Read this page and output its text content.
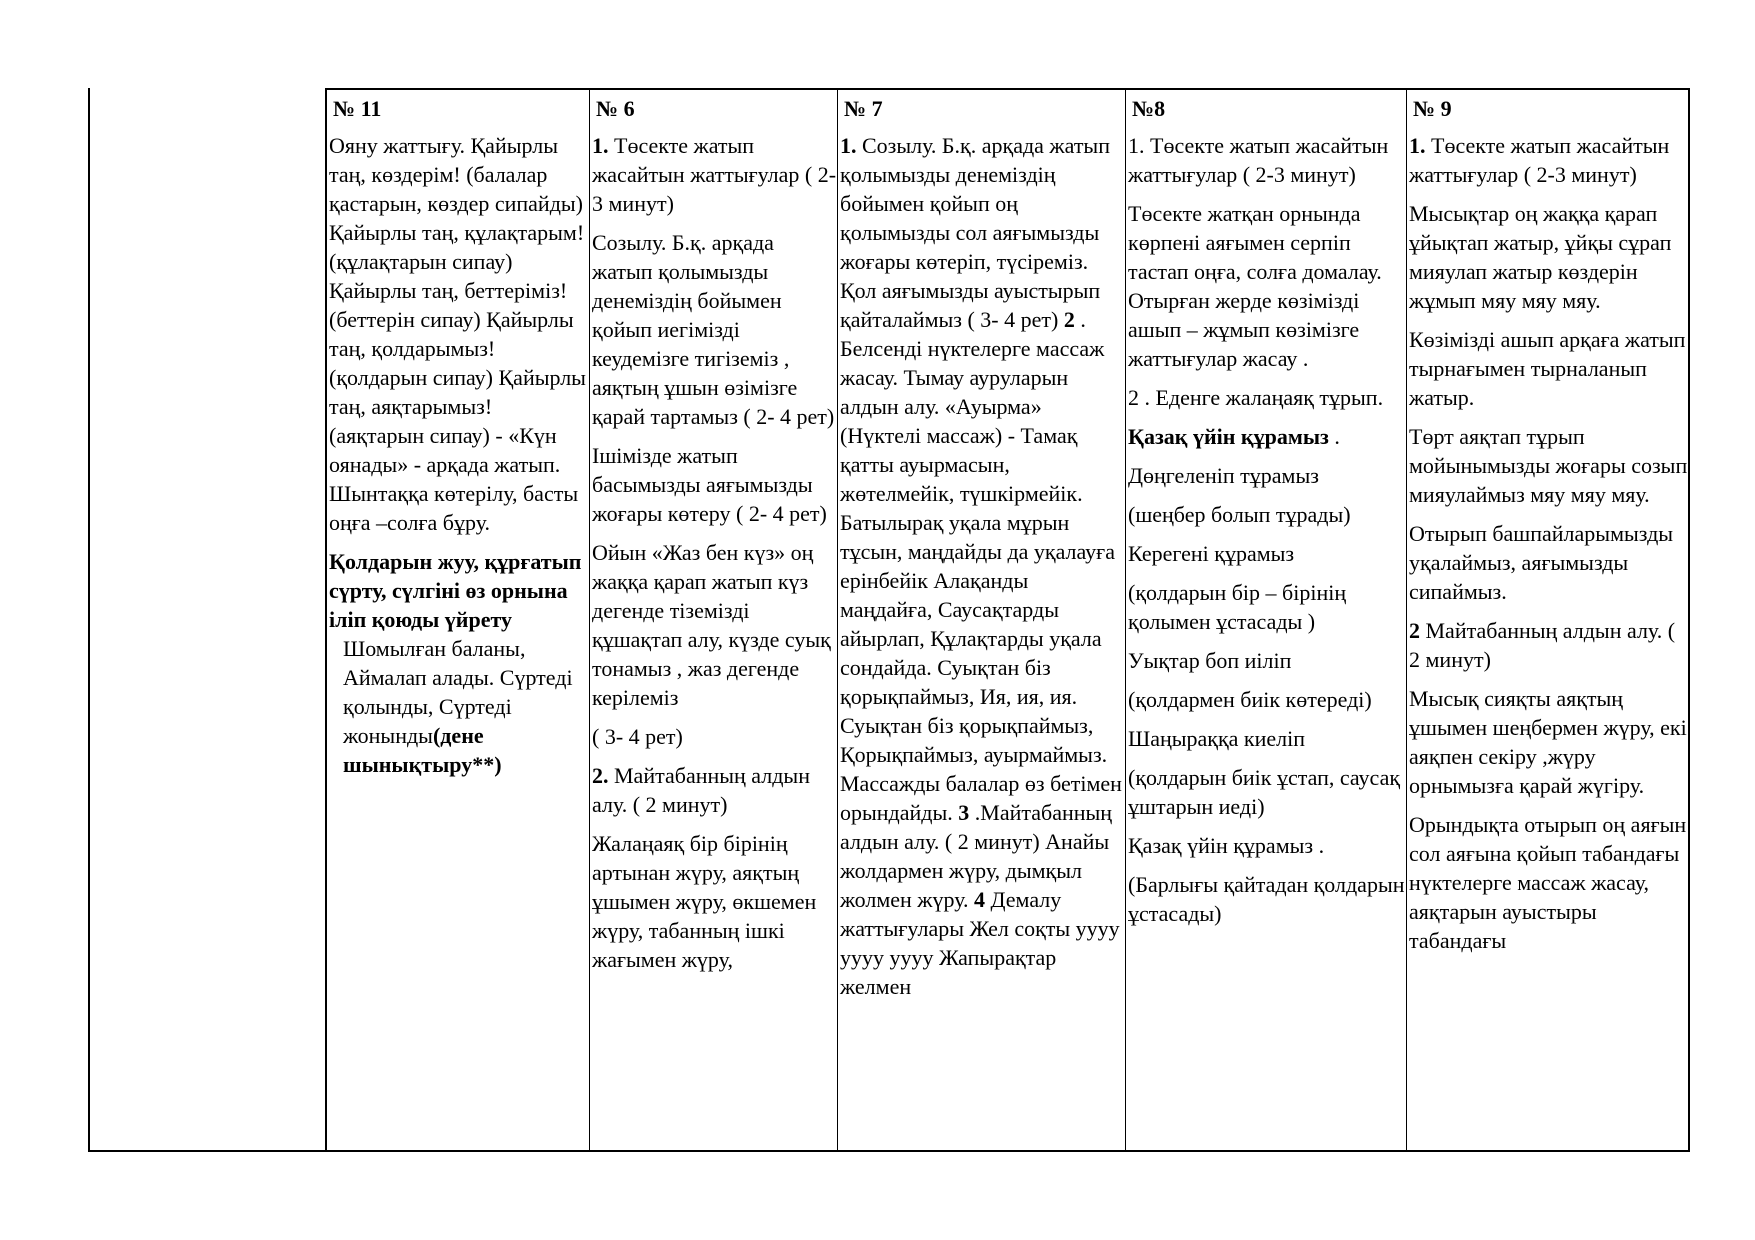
№ 11

Ояну жаттығу. Қайырлы таң, көздерім! (балалар қастарын, көздер сипайды) Қайырлы таң, құлақтарым! (құлақтарын сипау) Қайырлы таң, беттеріміз! (беттерін сипау) Қайырлы таң, қолдарымыз! (қолдарын сипау) Қайырлы таң, аяқтарымыз! (аяқтарын сипау) - «Күн оянады» - арқада жатып. Шынтаққа көтерілу, басты оңға –солға бұру.

Қолдарын жуу, құрғатып сүрту, сүлгіні өз орнына іліп қоюды үйрету

Шомылған баланы, Аймалап алады. Сүртеді қолынды, Сүртеді жонынды(дене шынықтыру**)

№ 6

1. Төсекте жатып жасайтын жаттығулар ( 2-3 минут)

Созылу. Б.қ. арқада жатып қолымызды денеміздің бойымен қойып иегімізді кеудемізге тигіземіз , аяқтың ұшын өзімізге қарай тартамыз ( 2- 4 рет)

Ішімізде жатып басымызды аяғымызды жоғары көтеру ( 2- 4 рет)

Ойын «Жаз бен күз» оң жаққа қарап жатып күз дегенде тіземізді құшақтап алу, күзде суық тонамыз , жаз дегенде керілеміз

( 3- 4 рет)

2. Майтабанның алдын алу. ( 2 минут)

Жалаңаяқ бір бірінің артынан жүру, аяқтың ұшымен жүру, өкшемен жүру, табанның ішкі жағымен жүру,

№ 7

1. Созылу. Б.қ. арқада жатып қолымызды денеміздің бойымен қойып оң қолымызды сол аяғымызды жоғары көтеріп, түсіреміз. Қол аяғымызды ауыстырып қайталаймыз ( 3- 4 рет) 2 . Белсенді нүктелерге массаж жасау. Тымау ауруларын алдын алу. «Ауырма» (Нүктелі массаж) - Тамақ қатты ауырмасын, жөтелмейік, түшкірмейік. Батылырақ уқала мұрын тұсын, маңдайды да уқалауға ерінбейік Алақанды маңдайға, Саусақтарды айырлап, Құлақтарды уқала сондайда. Суықтан біз қорықпаймыз, Ия, ия, ия. Суықтан біз қорықпаймыз, Қорықпаймыз, ауырмаймыз. Массажды балалар өз бетімен орындайды. 3 .Майтабанның алдын алу. ( 2 минут) Анайы жолдармен жүру, дымқыл жолмен жүру. 4 Демалу жаттығулары Жел соқты уууу уууу уууу Жапырақтар желмен

№8

1. Төсекте жатып жасайтын жаттығулар ( 2-3 минут)

Төсекте жатқан орнында көрпені аяғымен серпіп тастап оңға, солға домалау. Отырған жерде көзімізді ашып – жұмып көзімізге жаттығулар жасау .

2 . Еденге жалаңаяқ тұрып.

Қазақ үйін құрамыз .

Дөңгеленіп тұрамыз

(шеңбер болып тұрады)

Керегені құрамыз

(қолдарын бір – бірінің қолымен ұстасады )

Уықтар боп иіліп

(қолдармен биік көтереді)

Шаңыраққа киеліп

(қолдарын биік ұстап, саусақ ұштарын иеді)

Қазақ үйін құрамыз .

(Барлығы қайтадан қолдарын ұстасады)

№ 9

1. Төсекте жатып жасайтын жаттығулар ( 2-3 минут)

Мысықтар оң жаққа қарап ұйықтап жатыр, ұйқы сұрап мияулап жатыр көздерін жұмып мяу мяу мяу.

Көзімізді ашып арқаға жатып тырнағымен тырналанып жатыр.

Төрт аяқтап тұрып мойынымызды жоғары созып мияулаймыз мяу мяу мяу.

Отырып башпайларымызды уқалаймыз, аяғымызды сипаймыз.

2 Майтабанның алдын алу. ( 2 минут)

Мысық сияқты аяқтың ұшымен шеңбермен жүру, екі аяқпен секіру ,жүру орнымызға қарай жүгіру.

Орындықта отырып оң аяғын сол аяғына қойып табандағы нүктелерге массаж жасау, аяқтарын ауыстыры табандағы
